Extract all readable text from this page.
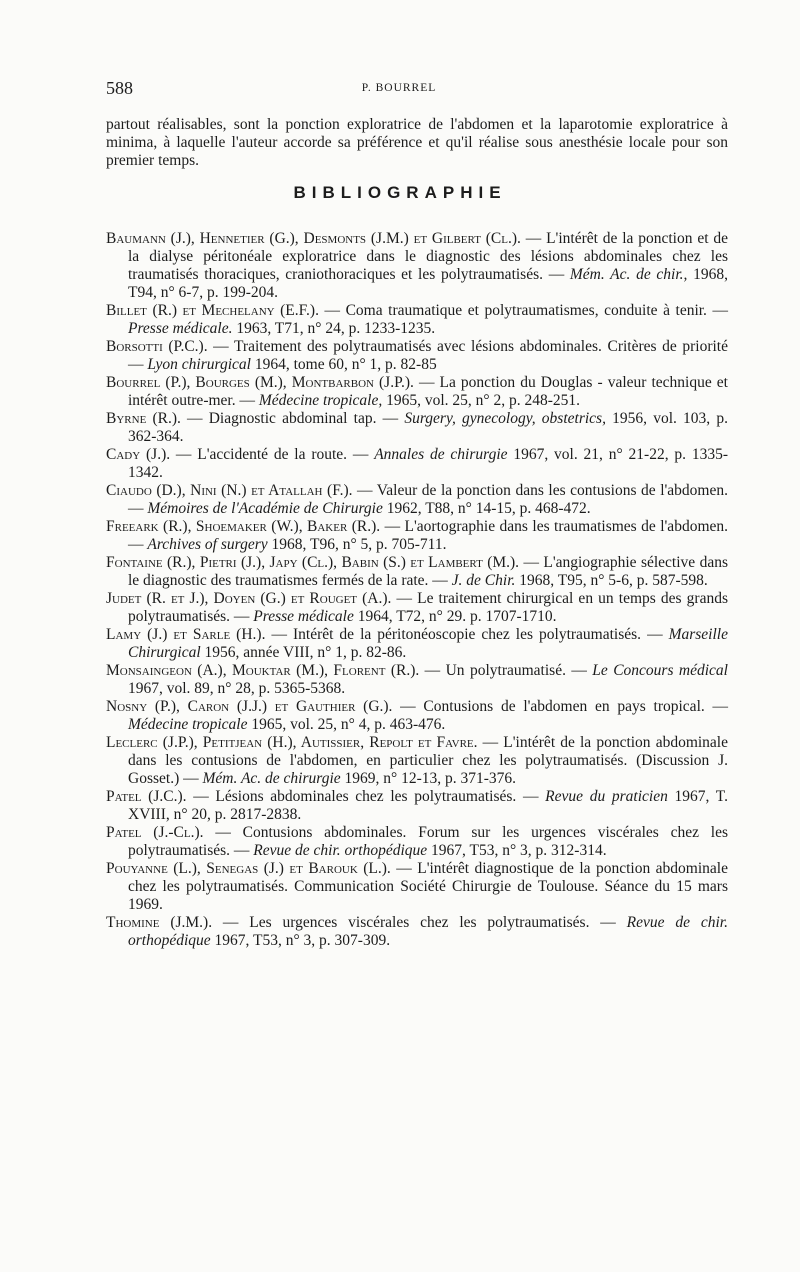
588	P. BOURREL

partout réalisables, sont la ponction exploratrice de l'abdomen et la laparotomie exploratrice à minima, à laquelle l'auteur accorde sa préférence et qu'il réalise sous anesthésie locale pour son premier temps.

BIBLIOGRAPHIE

Baumann (J.), Hennetier (G.), Desmonts (J.M.) et Gilbert (Cl.). — L'intérêt de la ponction et de la dialyse péritonéale exploratrice dans le diagnostic des lésions abdominales chez les traumatisés thoraciques, craniothoraciques et les polytraumatisés. — Mém. Ac. de chir., 1968, T94, n° 6-7, p. 199-204.

Billet (R.) et Mechelany (E.F.). — Coma traumatique et polytraumatismes, conduite à tenir. — Presse médicale. 1963, T71, n° 24, p. 1233-1235.

Borsotti (P.C.). — Traitement des polytraumatisés avec lésions abdominales. Critères de priorité — Lyon chirurgical 1964, tome 60, n° 1, p. 82-85

Bourrel (P.), Bourges (M.), Montbarbon (J.P.). — La ponction du Douglas - valeur technique et intérêt outre-mer. — Médecine tropicale, 1965, vol. 25, n° 2, p. 248-251.

Byrne (R.). — Diagnostic abdominal tap. — Surgery, gynecology, obstetrics, 1956, vol. 103, p. 362-364.

Cady (J.). — L'accidenté de la route. — Annales de chirurgie 1967, vol. 21, n° 21-22, p. 1335-1342.

Ciaudo (D.), Nini (N.) et Atallah (F.). — Valeur de la ponction dans les contusions de l'abdomen. — Mémoires de l'Académie de Chirurgie 1962, T88, n° 14-15, p. 468-472.

Freeark (R.), Shoemaker (W.), Baker (R.). — L'aortographie dans les traumatismes de l'abdomen. — Archives of surgery 1968, T96, n° 5, p. 705-711.

Fontaine (R.), Pietri (J.), Japy (Cl.), Babin (S.) et Lambert (M.). — L'angiographie sélective dans le diagnostic des traumatismes fermés de la rate. — J. de Chir. 1968, T95, n° 5-6, p. 587-598.

Judet (R. et J.), Doyen (G.) et Rouget (A.). — Le traitement chirurgical en un temps des grands polytraumatisés. — Presse médicale 1964, T72, n° 29. p. 1707-1710.

Lamy (J.) et Sarle (H.). — Intérêt de la péritonéoscopie chez les polytraumatisés. — Marseille Chirurgical 1956, année VIII, n° 1, p. 82-86.

Monsaingeon (A.), Mouktar (M.), Florent (R.). — Un polytraumatisé. — Le Concours médical 1967, vol. 89, n° 28, p. 5365-5368.

Nosny (P.), Caron (J.J.) et Gauthier (G.). — Contusions de l'abdomen en pays tropical. — Médecine tropicale 1965, vol. 25, n° 4, p. 463-476.

Leclerc (J.P.), Petitjean (H.), Autissier, Repolt et Favre. — L'intérêt de la ponction abdominale dans les contusions de l'abdomen, en particulier chez les polytraumatisés. (Discussion J. Gosset.) — Mém. Ac. de chirurgie 1969, n° 12-13, p. 371-376.

Patel (J.C.). — Lésions abdominales chez les polytraumatisés. — Revue du praticien 1967, T. XVIII, n° 20, p. 2817-2838.

Patel (J.-Cl.). — Contusions abdominales. Forum sur les urgences viscérales chez les polytraumatisés. — Revue de chir. orthopédique 1967, T53, n° 3, p. 312-314.

Pouyanne (L.), Senegas (J.) et Barouk (L.). — L'intérêt diagnostique de la ponction abdominale chez les polytraumatisés. Communication Société Chirurgie de Toulouse. Séance du 15 mars 1969.

Thomine (J.M.). — Les urgences viscérales chez les polytraumatisés. — Revue de chir. orthopédique 1967, T53, n° 3, p. 307-309.
